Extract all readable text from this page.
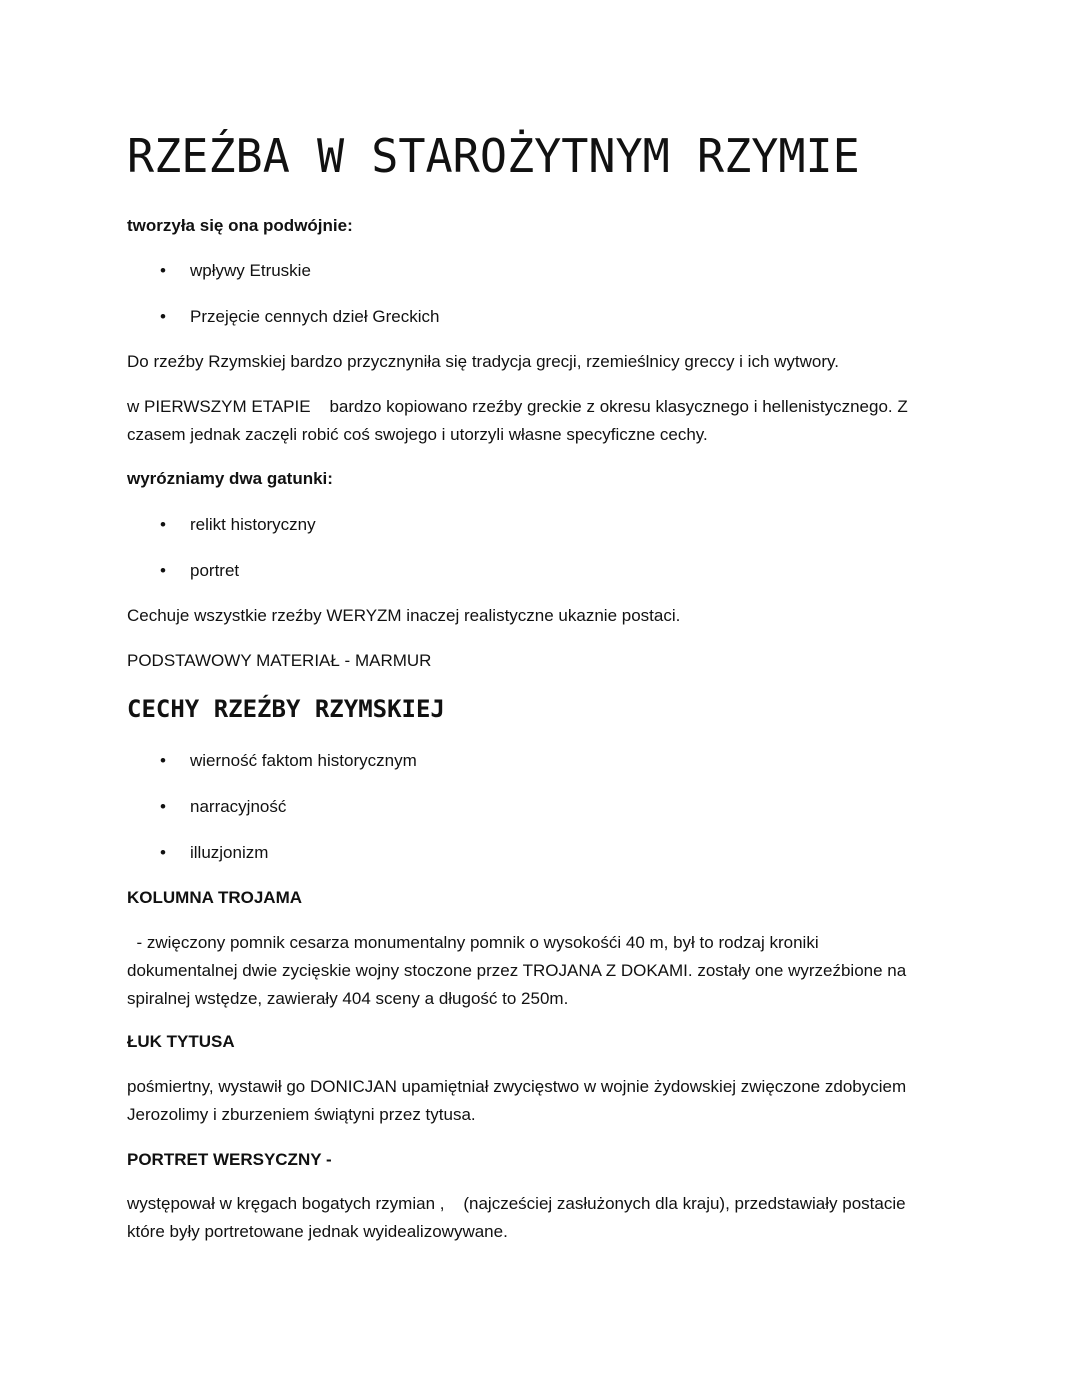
RZEŹBA W STAROŻYTNYM RZYMIE

tworzyła się ona podwójnie:

•	wpływy Etruskie
•	Przejęcie cennych dzieł Greckich

Do rzeźby Rzymskiej bardzo przycznyniła się tradycja grecji, rzemieślnicy greccy i ich wytwory.

w PIERWSZYM ETAPIE    bardzo kopiowano rzeźby greckie z okresu klasycznego i hellenistycznego. Z

czasem jednak zaczęli robić coś swojego i utorzyli własne specyficzne cechy.

wyrózniamy dwa gatunki:

•	relikt historyczny
•	portret

Cechuje wszystkie rzeźby WERYZM inaczej realistyczne ukaznie postaci.

PODSTAWOWY MATERIAŁ - MARMUR

CECHY RZEŹBY RZYMSKIEJ
•	wierność faktom historycznym
•	narracyjność
•	illuzjonizm

KOLUMNA TROJAMA

- zwięczony pomnik cesarza monumentalny pomnik o wysokośći 40 m, był to rodzaj kroniki

dokumentalnej dwie zycięskie wojny stoczone przez TROJANA Z DOKAMI. zostały one wyrzeźbione na

spiralnej wstędze, zawierały 404 sceny a długość to 250m.

ŁUK TYTUSA

pośmiertny, wystawił go DONICJAN upamiętniał zwycięstwo w wojnie żydowskiej zwięczone zdobyciem

Jerozolimy i zburzeniem świątyni przez tytusa.

PORTRET WERSYCZNY -

występował w kręgach bogatych rzymian ,    (najcześciej zasłużonych dla kraju), przedstawiały postacie

które były portretowane jednak wyidealizowywane.
